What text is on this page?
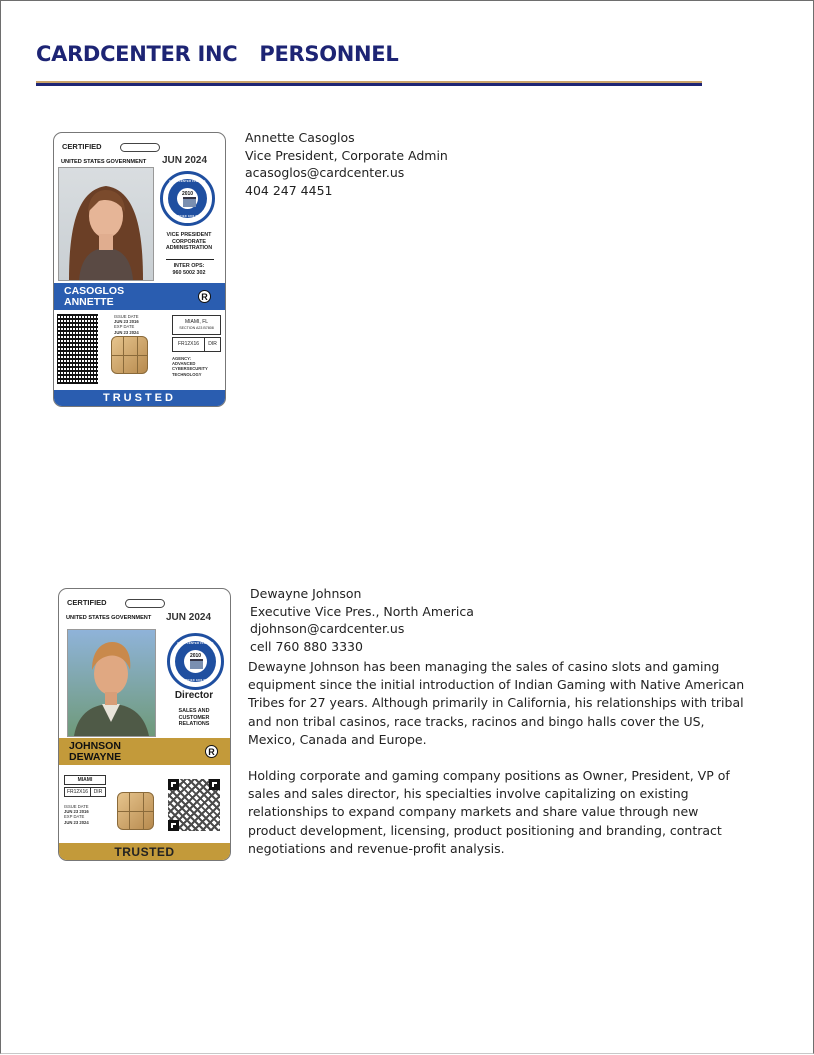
CARDCENTER INC PERSONNEL
CERTIFIED
UNITED STATES GOVERNMENT JUN 2024
CARD CENTER FLORIDA
2010
CERTIFIED 1800 SHOP
VICE PRESIDENT
CORPORATE
ADMINISTRATION
INTER OPS:
960 5002 302
CASOGLOS
ANNETTE	R
ISSUE DATE
JUN 23 2016
EXP DATE
JUN 23 2024
MIAMI, FL
SECTION A23 B7808
FR12X16	DIR
AGENCY:
ADVANCED
CYBERSECURITY
TECHNOLOGY
TRUSTED
Annette Casoglos
Vice President, Corporate Admin
acasoglos@cardcenter.us
404 247 4451
CERTIFIED
UNITED STATES GOVERNMENT JUN 2024
CARD CENTER FLORIDA
2010
CERTIFIED 1800 SHOP
Director
SALES AND
CUSTOMER
RELATIONS
JOHNSON
DEWAYNE	R
MIAMI
FR12X16	DIR
ISSUE DATE
JUN 23 2016
EXP DATE
JUN 23 2024
TRUSTED
Dewayne Johnson
Executive Vice Pres., North America
djohnson@cardcenter.us
cell 760 880 3330

Dewayne Johnson has been managing the sales of casino slots and gaming equipment since the initial introduction of Indian Gaming with Native American Tribes for 27 years. Although primarily in California, his relationships with tribal and non tribal casinos, race tracks, racinos and bingo halls cover the US, Mexico, Canada and Europe.

Holding corporate and gaming company positions as Owner, President, VP of sales and sales director, his specialties involve capitalizing on existing relationships to expand company markets and share value through new product development, licensing, product positioning and branding, contract negotiations and revenue-profit analysis.
